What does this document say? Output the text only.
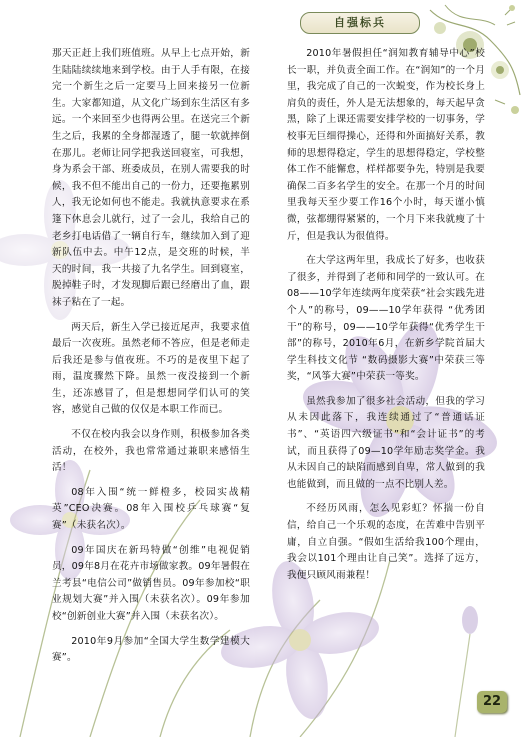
自强标兵

那天正赶上我们班值班。从早上七点开始，新生陆陆续续地来到学校。由于人手有限，在接完一个新生之后一定要马上回来接另一位新生。大家都知道，从文化广场到东生活区有多远。一个来回至少也得两公里。在送完三个新生之后，我累的全身都湿透了，腿一软就摔倒在那儿。老师让同学把我送回寝室，可我想，身为系会干部、班委成员，在别人需要我的时候，我不但不能出自己的一份力，还要拖累别人，我无论如何也不能走。我就执意要求在系篷下休息会儿就行，过了一会儿，我给自己的老乡打电话借了一辆自行车，继续加入到了迎新队伍中去。中午12点，是交班的时候，半天的时间，我一共接了九名学生。回到寝室，脱掉鞋子时，才发现脚后跟已经磨出了血，跟袜子粘在了一起。

两天后，新生入学已接近尾声，我要求值最后一次夜班。虽然老师不答应，但是老师走后我还是参与值夜班。不巧的是夜里下起了雨，温度骤然下降。虽然一夜没接到一个新生，还冻感冒了，但是想想同学们认可的笑容，感觉自己做的仅仅是本职工作而已。

不仅在校内我会以身作则，积极参加各类活动，在校外，我也常常通过兼职来感悟生活！

08年入围“统一鲜橙多，校园实战精英”CEO决赛。08年入围校乒乓球赛“复赛”（未获名次）。

09年国庆在新玛特做“创维”电视促销员，09年8月在花卉市场做家教。09年暑假在兰考县“电信公司”做销售员。09年参加校“职业规划大赛”并入围（未获名次）。09年参加校“创新创业大赛”并入围（未获名次）。

2010年9月参加“全国大学生数学建模大赛”。

2010年暑假担任“润知教育辅导中心”校长一职，并负责全面工作。在“润知”的一个月里，我完成了自己的一次蜕变，作为校长身上肩负的责任，外人是无法想象的，每天起早贪黑，除了上课还需要安排学校的一切事务，学校事无巨细得操心，还得和外面搞好关系，教师的思想得稳定，学生的思想得稳定，学校整体工作不能懈怠，样样都要争先，特别是我要确保二百多名学生的安全。在那一个月的时间里我每天至少要工作16个小时，每天谨小慎微，弦都绷得紧紧的，一个月下来我就瘦了十斤，但是我认为很值得。

在大学这两年里，我成长了好多，也收获了很多，并得到了老师和同学的一致认可。在08——10学年连续两年度荣获“社会实践先进个人”的称号，09——10学年获得 “优秀团干”的称号，09——10学年获得“优秀学生干部”的称号，2010年6月，在新乡学院首届大学生科技文化节 “数码摄影大赛”中荣获三等奖，“风筝大赛”中荣获一等奖。

虽然我参加了很多社会活动，但我的学习从未因此落下，我连续通过了“普通话证书”、“英语四六级证书”和“会计证书”的考试，而且获得了09—10学年励志奖学金。我从未因自己的缺陷而感到自卑，常人做到的我也能做到，而且做的一点不比别人差。

不经历风雨，怎么见彩虹？怀揣一份自信，给自己一个乐观的态度，在苦难中告别平庸，自立自强。“假如生活给我100个理由，我会以101个理由让自己笑”。选择了远方，我便只顾风雨兼程！

22
